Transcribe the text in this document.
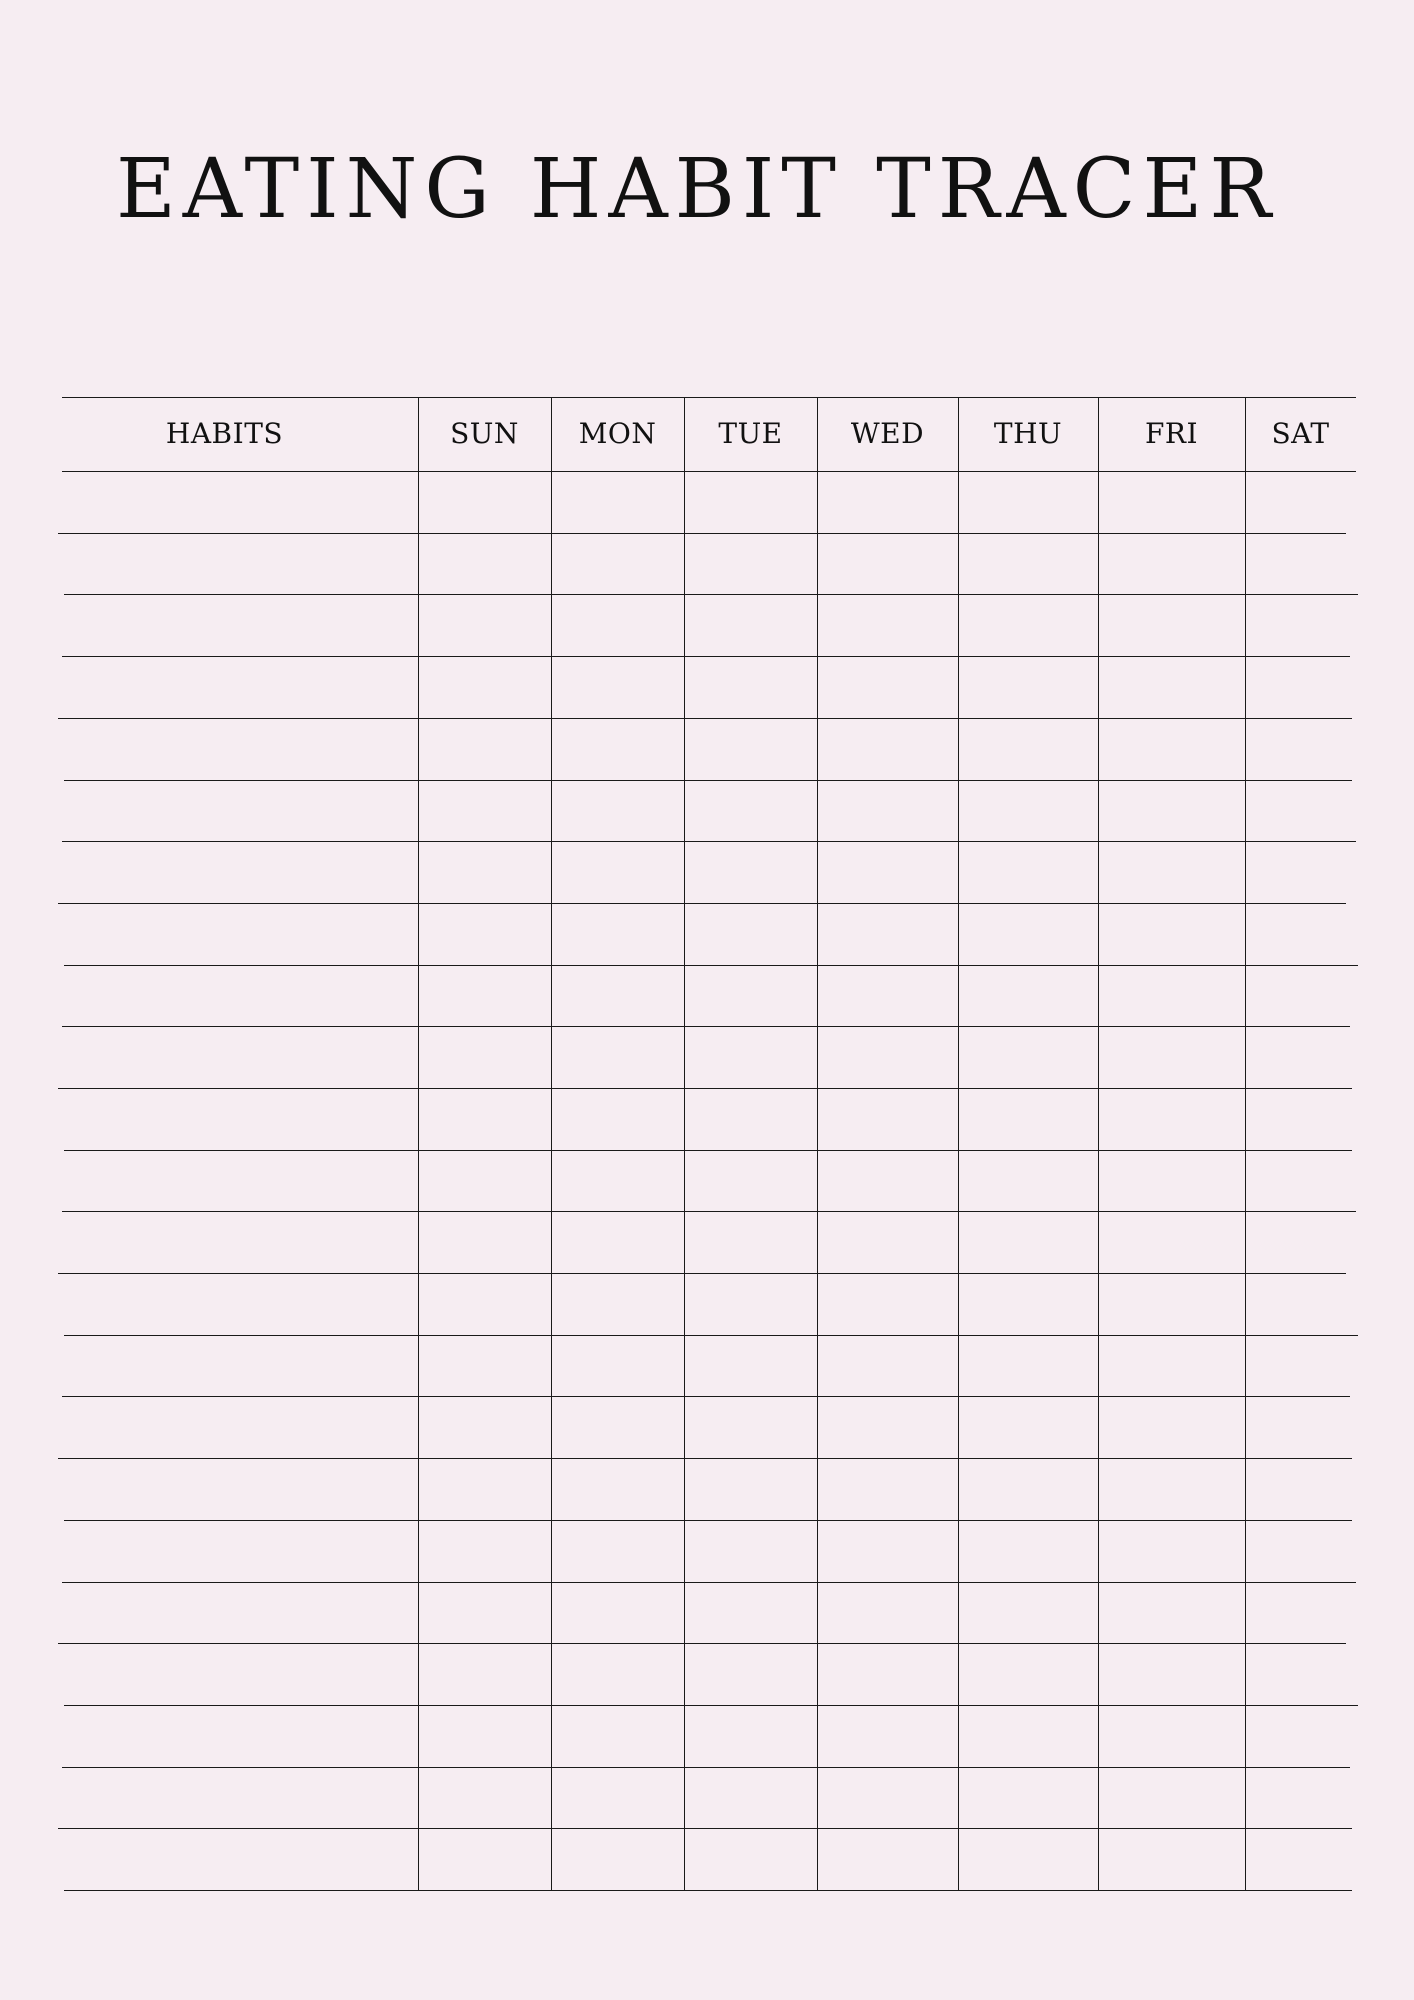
EATING HABIT TRACER
HABITS	SUN	MON	TUE	WED	THU	FRI	SAT
